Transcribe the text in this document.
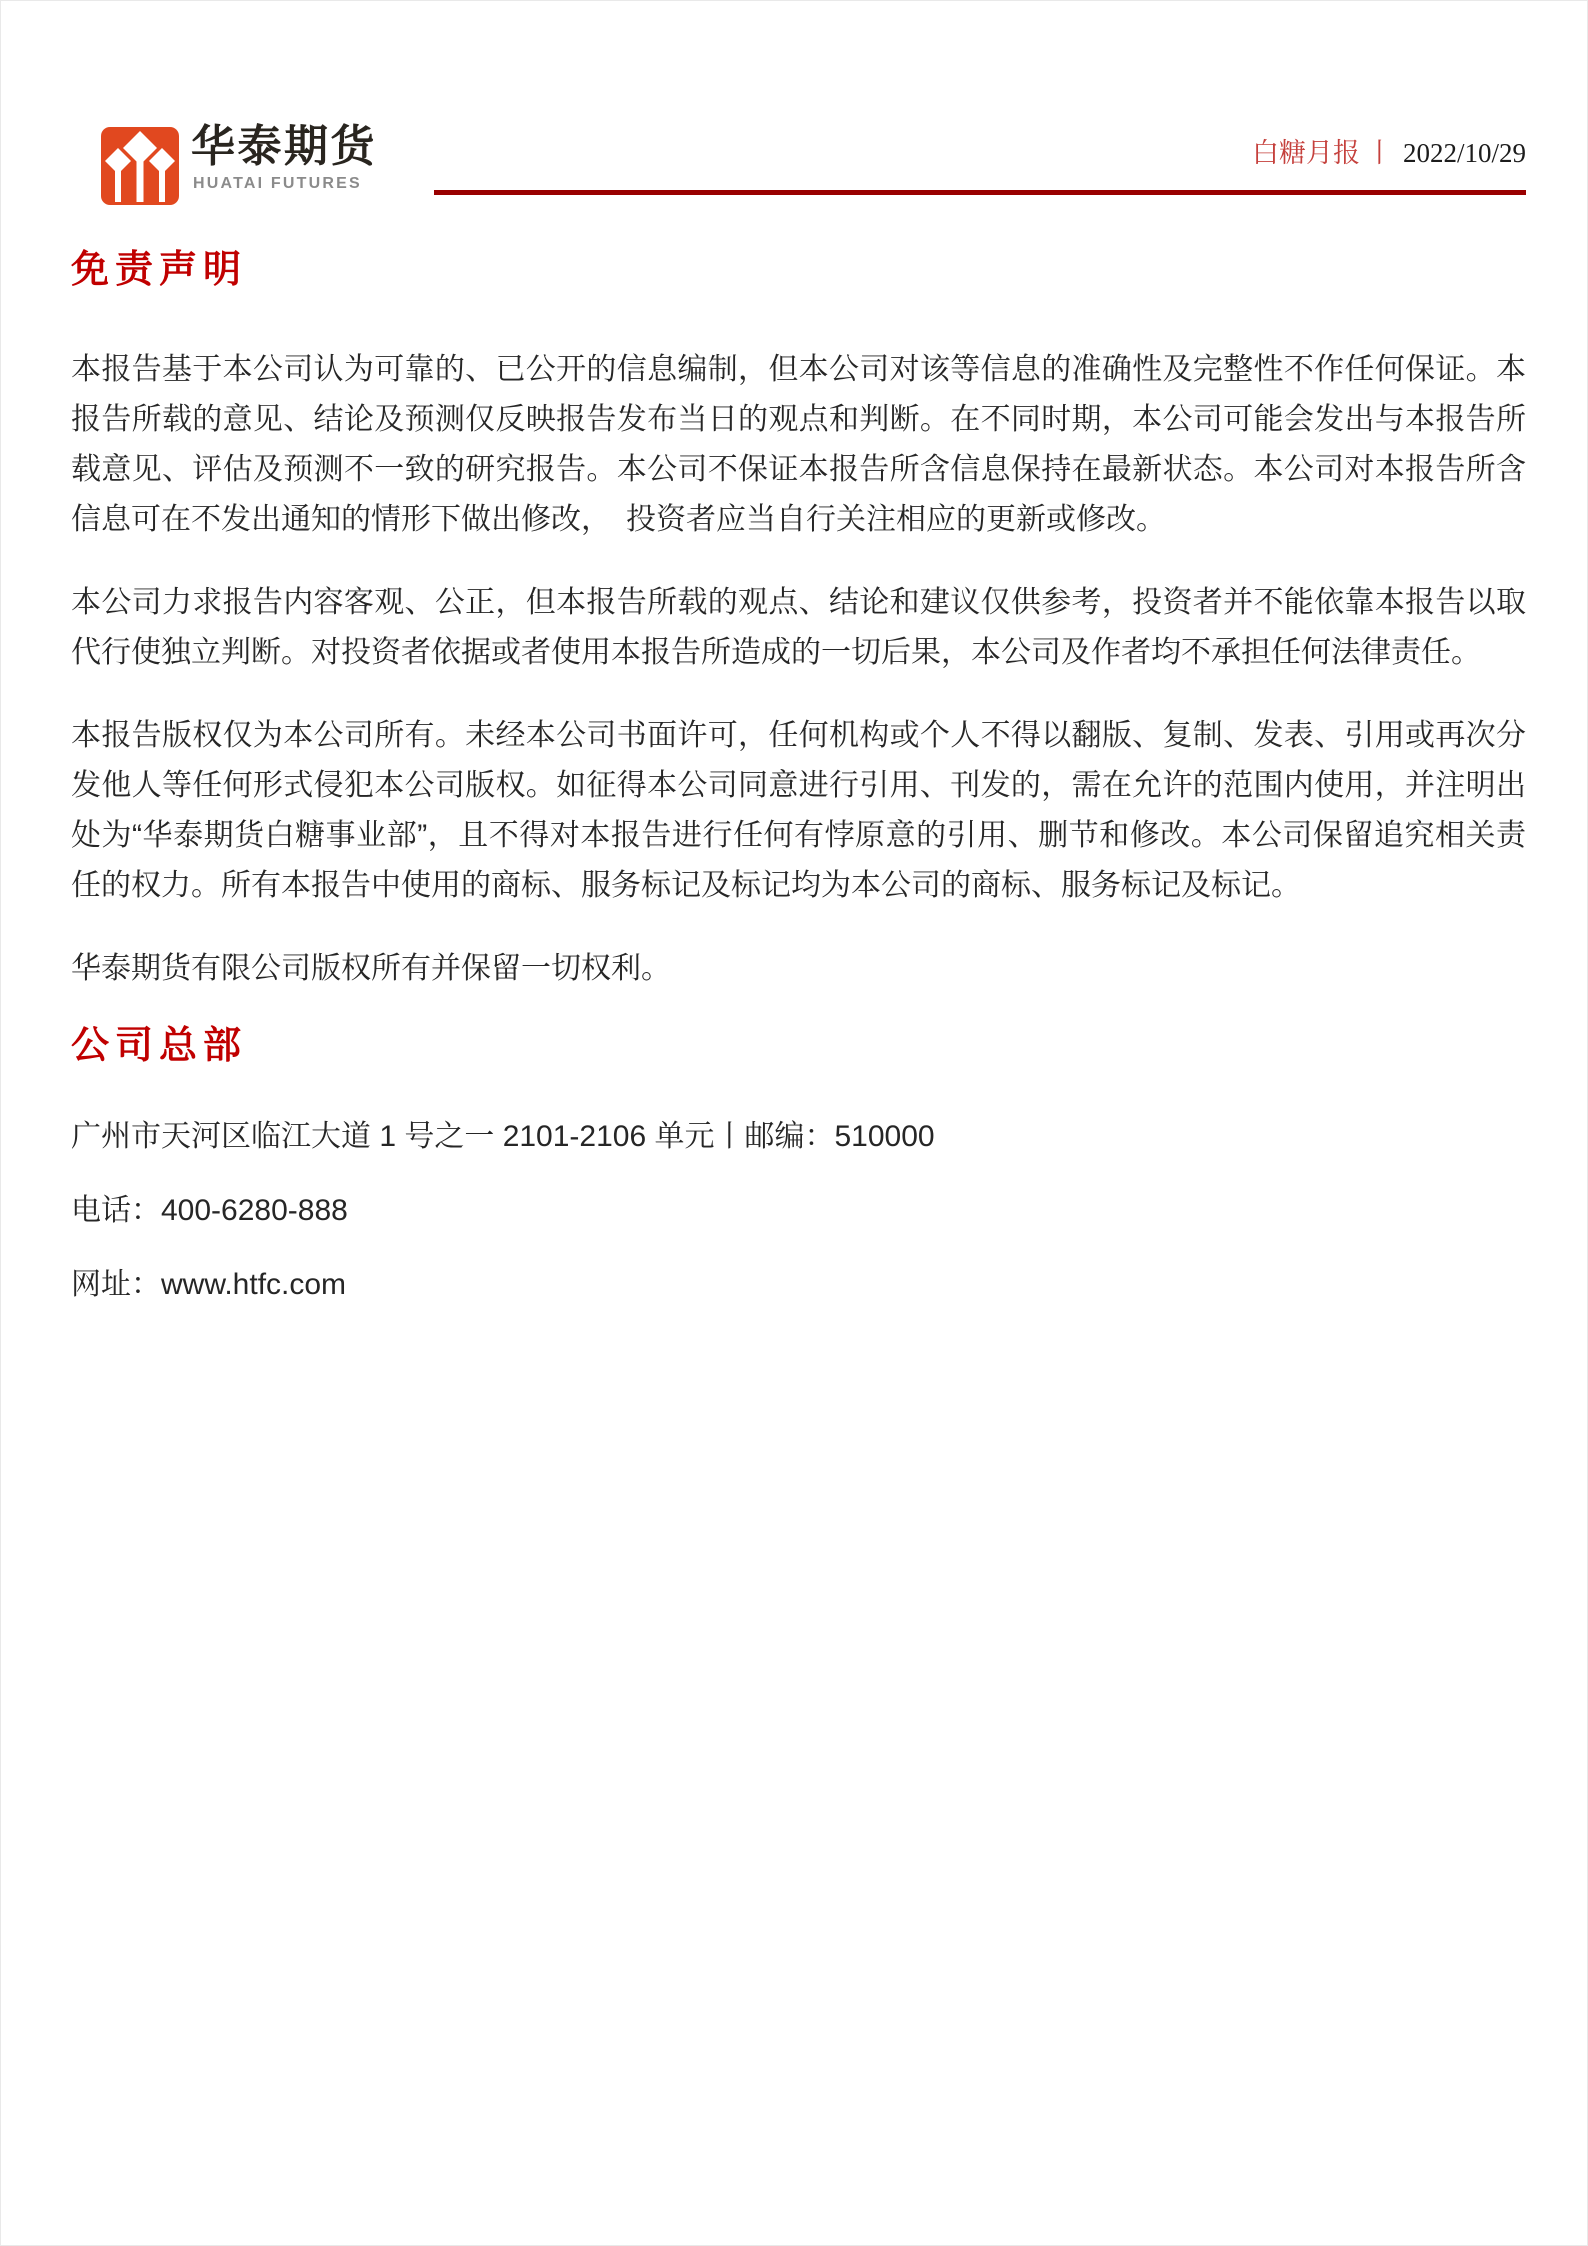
华泰期货
HUATAI FUTURES
白糖月报 丨 2022/10/29
免责声明

本报告基于本公司认为可靠的、已公开的信息编制，但本公司对该等信息的准确性及完整性不作任何保证。本报告所载的意见、结论及预测仅反映报告发布当日的观点和判断。在不同时期，本公司可能会发出与本报告所载意见、评估及预测不一致的研究报告。本公司不保证本报告所含信息保持在最新状态。本公司对本报告所含信息可在不发出通知的情形下做出修改，　投资者应当自行关注相应的更新或修改。

本公司力求报告内容客观、公正，但本报告所载的观点、结论和建议仅供参考，投资者并不能依靠本报告以取代行使独立判断。对投资者依据或者使用本报告所造成的一切后果，本公司及作者均不承担任何法律责任。

本报告版权仅为本公司所有。未经本公司书面许可，任何机构或个人不得以翻版、复制、发表、引用或再次分发他人等任何形式侵犯本公司版权。如征得本公司同意进行引用、刊发的，需在允许的范围内使用，并注明出处为“华泰期货白糖事业部”，且不得对本报告进行任何有悖原意的引用、删节和修改。本公司保留追究相关责任的权力。所有本报告中使用的商标、服务标记及标记均为本公司的商标、服务标记及标记。

华泰期货有限公司版权所有并保留一切权利。

公司总部

广州市天河区临江大道 1 号之一 2101-2106 单元丨邮编：510000

电话：400-6280-888

网址：www.htfc.com
